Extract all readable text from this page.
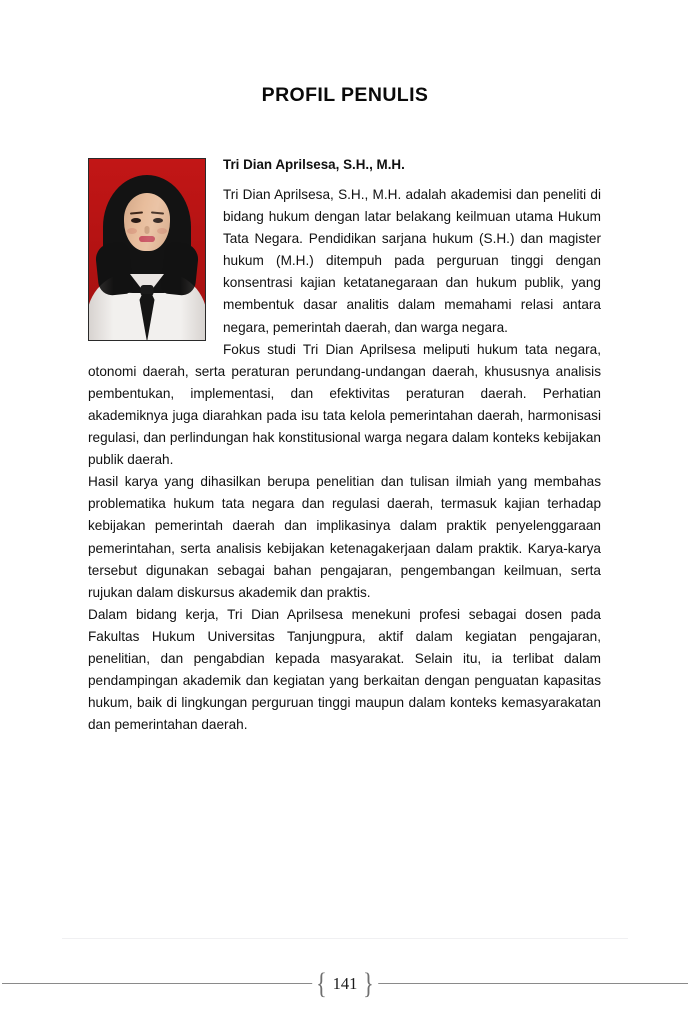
PROFIL PENULIS
Tri Dian Aprilsesa, S.H., M.H.

Tri Dian Aprilsesa, S.H., M.H. adalah akademisi dan peneliti di bidang hukum dengan latar belakang keilmuan utama Hukum Tata Negara. Pendidikan sarjana hukum (S.H.) dan magister hukum (M.H.) ditempuh pada perguruan tinggi dengan konsentrasi kajian ketatanegaraan dan hukum publik, yang membentuk dasar analitis dalam memahami relasi antara negara, pemerintah daerah, dan warga negara.

Fokus studi Tri Dian Aprilsesa meliputi hukum tata negara, otonomi daerah, serta peraturan perundang-undangan daerah, khususnya analisis pembentukan, implementasi, dan efektivitas peraturan daerah. Perhatian akademiknya juga diarahkan pada isu tata kelola pemerintahan daerah, harmonisasi regulasi, dan perlindungan hak konstitusional warga negara dalam konteks kebijakan publik daerah.

Hasil karya yang dihasilkan berupa penelitian dan tulisan ilmiah yang membahas problematika hukum tata negara dan regulasi daerah, termasuk kajian terhadap kebijakan pemerintah daerah dan implikasinya dalam praktik penyelenggaraan pemerintahan, serta analisis kebijakan ketenagakerjaan dalam praktik. Karya-karya tersebut digunakan sebagai bahan pengajaran, pengembangan keilmuan, serta rujukan dalam diskursus akademik dan praktis.

Dalam bidang kerja, Tri Dian Aprilsesa menekuni profesi sebagai dosen pada Fakultas Hukum Universitas Tanjungpura, aktif dalam kegiatan pengajaran, penelitian, dan pengabdian kepada masyarakat. Selain itu, ia terlibat dalam pendampingan akademik dan kegiatan yang berkaitan dengan penguatan kapasitas hukum, baik di lingkungan perguruan tinggi maupun dalam konteks kemasyarakatan dan pemerintahan daerah.

{ 141 }
